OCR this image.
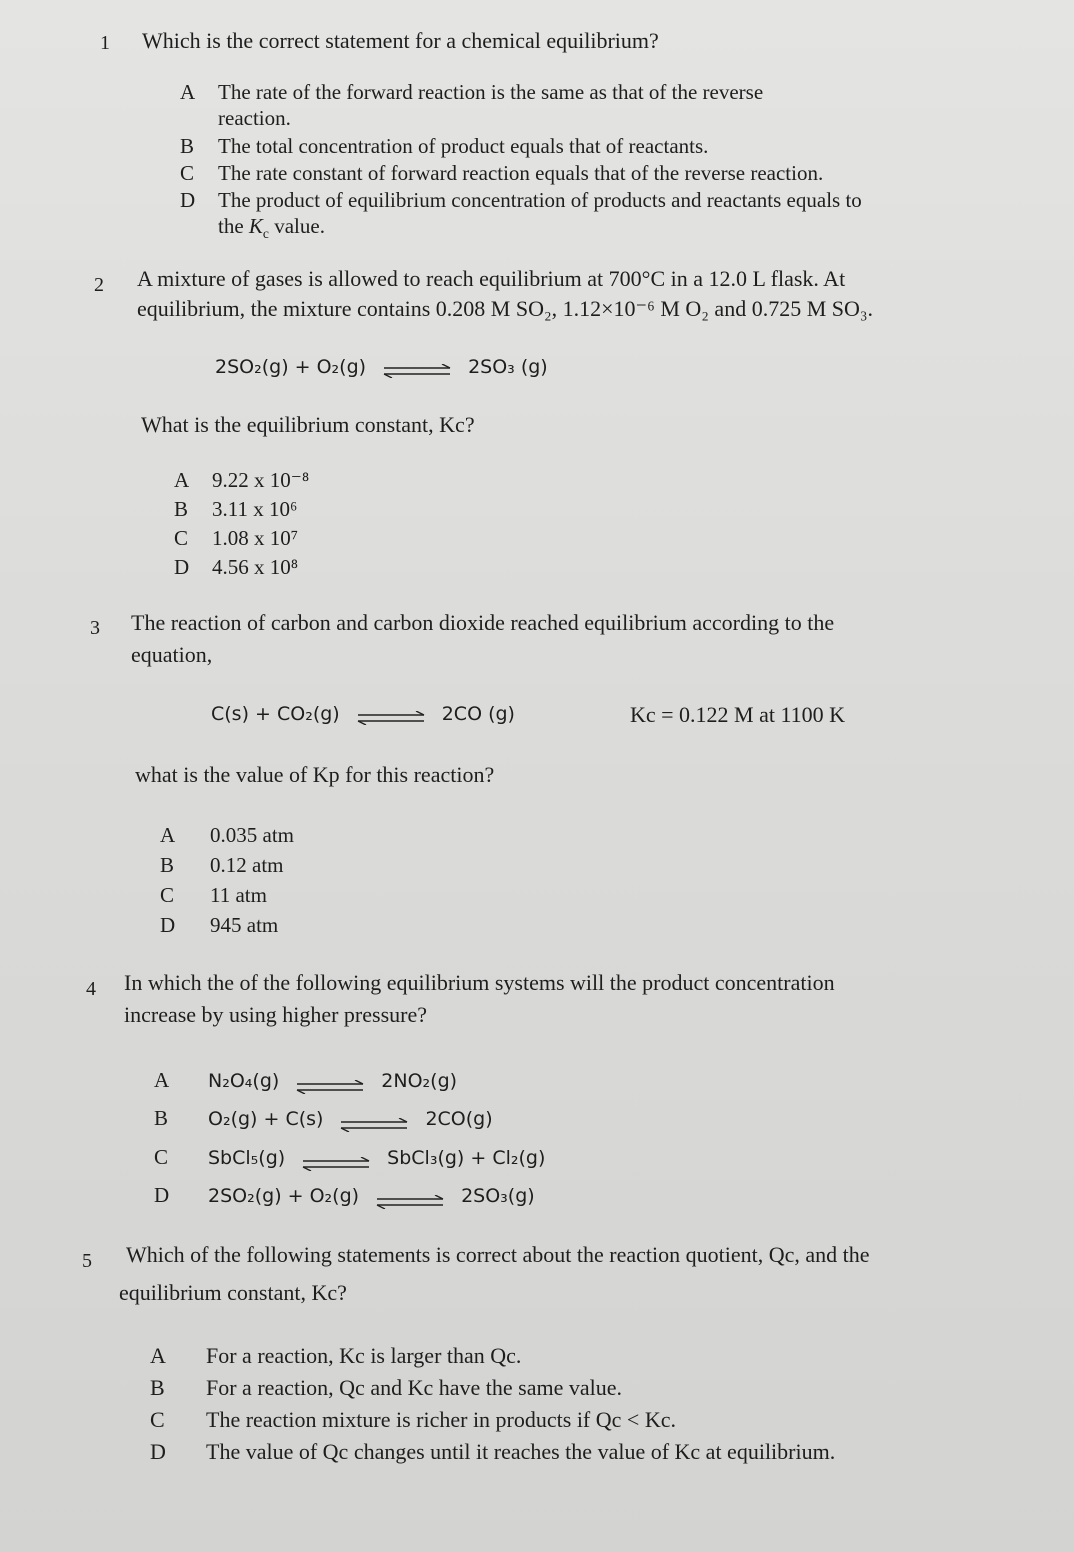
1 Which is the correct statement for a chemical equilibrium?
A The rate of the forward reaction is the same as that of the reverse
reaction.
B The total concentration of product equals that of reactants.
C The rate constant of forward reaction equals that of the reverse reaction.
D The product of equilibrium concentration of products and reactants equals to
the $K_c$ value.
2 A mixture of gases is allowed to reach equilibrium at 700°C in a 12.0 L flask. At
equilibrium, the mixture contains 0.208 M SO₂, 1.12×10⁻⁶ M O₂ and 0.725 M SO₃.
2SO₂(g) + O₂(g) ⇌ 2SO₃ (g)
What is the equilibrium constant, Kc?
A 9.22 x 10⁻⁸
B 3.11 x 10⁶
C 1.08 x 10⁷
D 4.56 x 10⁸
3 The reaction of carbon and carbon dioxide reached equilibrium according to the
equation,
C(s) + CO₂(g) ⇌ 2CO (g)	Kc = 0.122 M at 1100 K
what is the value of Kp for this reaction?
A 0.035 atm
B 0.12 atm
C 11 atm
D 945 atm
4 In which the of the following equilibrium systems will the product concentration
increase by using higher pressure?
A N₂O₄(g) ⇌ 2NO₂(g)
B O₂(g) + C(s) ⇌ 2CO(g)
C SbCl₅(g) ⇌ SbCl₃(g) + Cl₂(g)
D 2SO₂(g) + O₂(g) ⇌ 2SO₃(g)
5 Which of the following statements is correct about the reaction quotient, Qc, and the
equilibrium constant, Kc?
A For a reaction, Kc is larger than Qc.
B For a reaction, Qc and Kc have the same value.
C The reaction mixture is richer in products if Qc < Kc.
D The value of Qc changes until it reaches the value of Kc at equilibrium.
